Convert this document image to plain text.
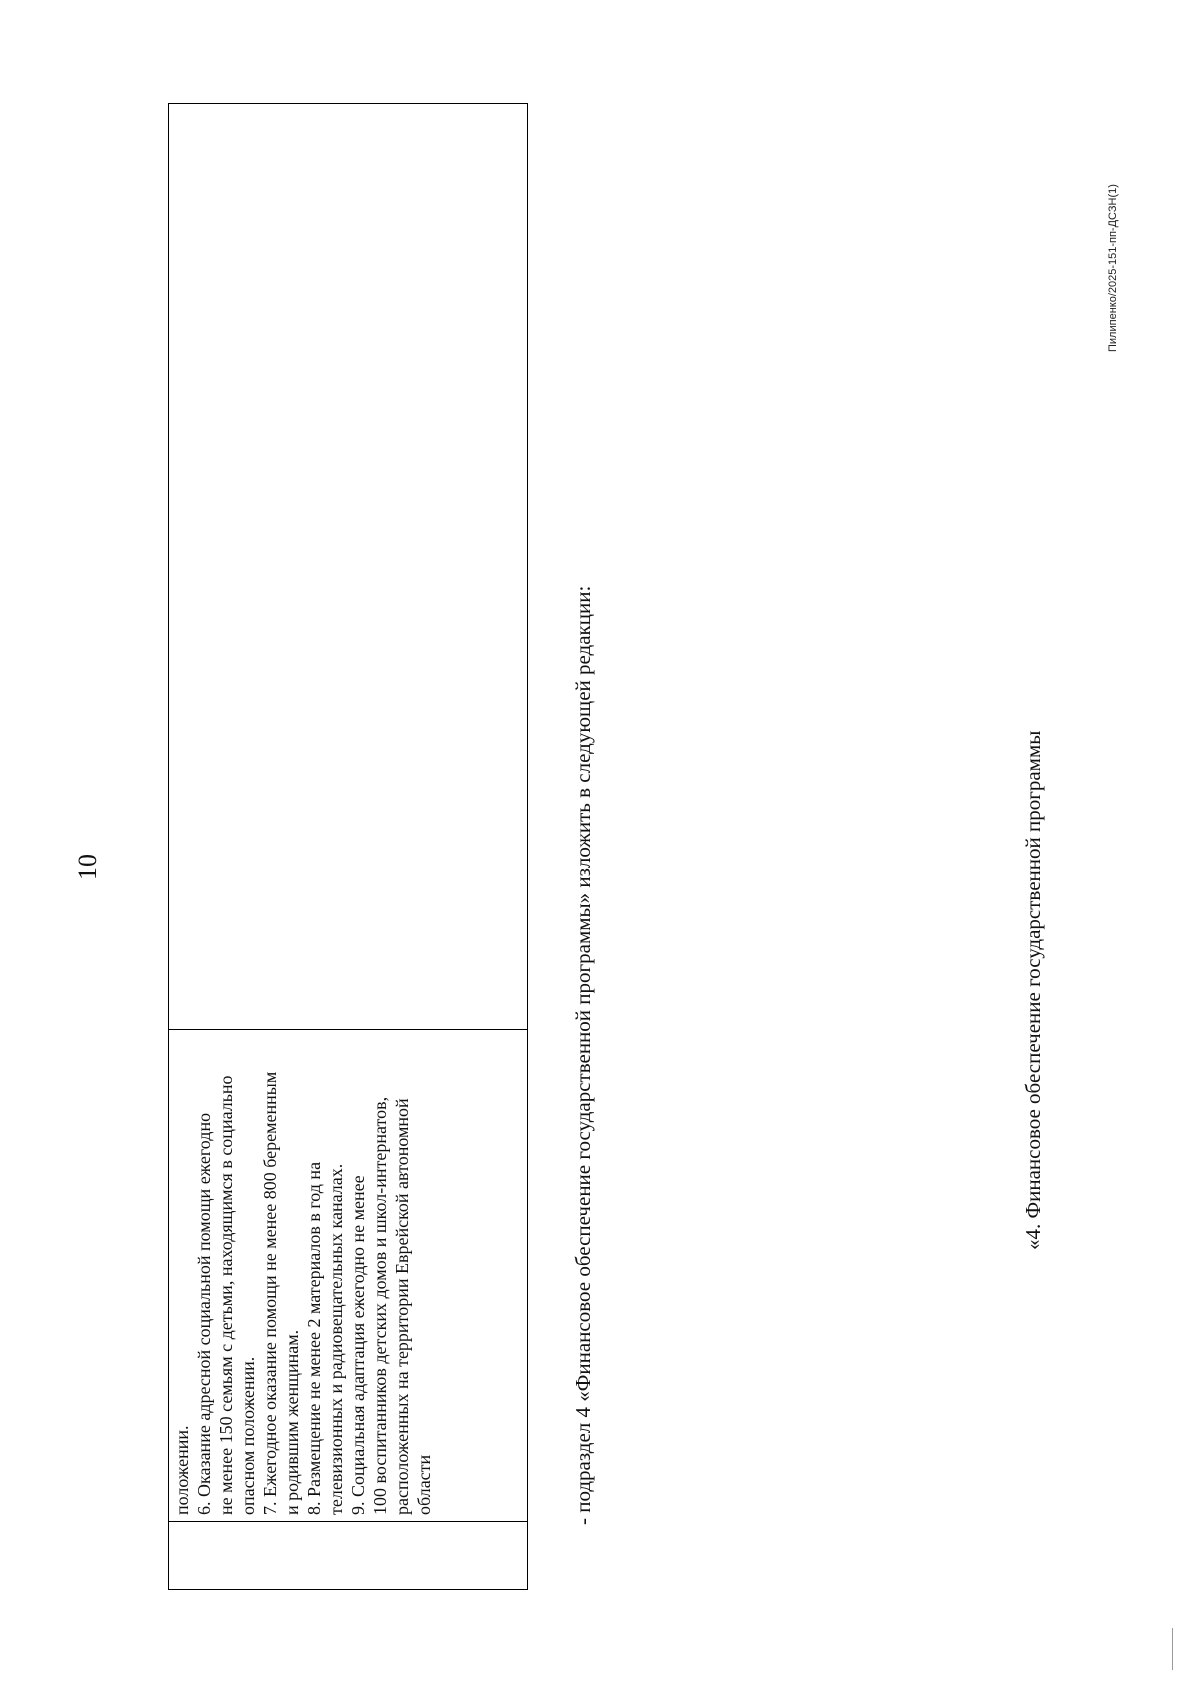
10
положении. 6. Оказание адресной социальной помощи ежегодно не менее 150 семьям с детьми, находящимся в социально опасном положении. 7. Ежегодное оказание помощи не менее 800 беременным и родившим женщинам. 8. Размещение не менее 2 материалов в год на телевизионных и радиовещательных каналах. 9. Социальная адаптация ежегодно не менее 100 воспитанников детских домов и школ-интернатов, расположенных на территории Еврейской автономной области	- подраздел 4 «Финансовое обеспечение государственной программы» изложить в следующей редакции:	«4. Финансовое обеспечение государственной программы
Пилипенко/2025-151-пп-ДСЗН(1)
